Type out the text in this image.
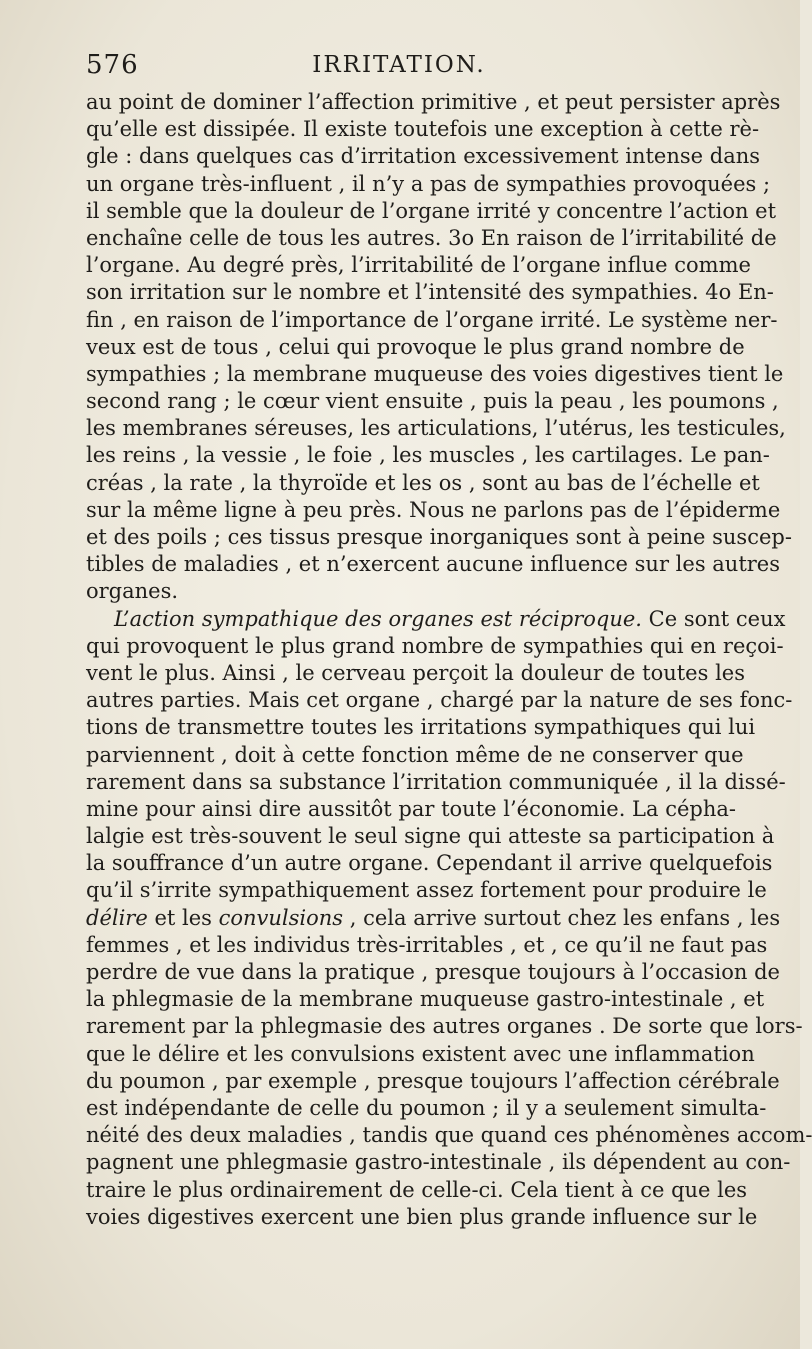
576	IRRITATION.
au point de dominer l’affection primitive , et peut persister après
qu’elle est dissipée. Il existe toutefois une exception à cette rè-
gle : dans quelques cas d’irritation excessivement intense dans
un organe très-influent , il n’y a pas de sympathies provoquées ;
il semble que la douleur de l’organe irrité y concentre l’action et
enchaîne celle de tous les autres. 3o En raison de l’irritabilité de
l’organe. Au degré près, l’irritabilité de l’organe influe comme
son irritation sur le nombre et l’intensité des sympathies. 4o En-
fin , en raison de l’importance de l’organe irrité. Le système ner-
veux est de tous , celui qui provoque le plus grand nombre de
sympathies ; la membrane muqueuse des voies digestives tient le
second rang ; le cœur vient ensuite , puis la peau , les poumons ,
les membranes séreuses, les articulations, l’utérus, les testicules,
les reins , la vessie , le foie , les muscles , les cartilages. Le pan-
créas , la rate , la thyroïde et les os , sont au bas de l’échelle et
sur la même ligne à peu près. Nous ne parlons pas de l’épiderme
et des poils ; ces tissus presque inorganiques sont à peine suscep-
tibles de maladies , et n’exercent aucune influence sur les autres
organes.
L’action sympathique des organes est réciproque. Ce sont ceux
qui provoquent le plus grand nombre de sympathies qui en reçoi-
vent le plus. Ainsi , le cerveau perçoit la douleur de toutes les
autres parties. Mais cet organe , chargé par la nature de ses fonc-
tions de transmettre toutes les irritations sympathiques qui lui
parviennent , doit à cette fonction même de ne conserver que
rarement dans sa substance l’irritation communiquée , il la dissé-
mine pour ainsi dire aussitôt par toute l’économie. La cépha-
lalgie est très-souvent le seul signe qui atteste sa participation à
la souffrance d’un autre organe. Cependant il arrive quelquefois
qu’il s’irrite sympathiquement assez fortement pour produire le
délire et les convulsions , cela arrive surtout chez les enfans , les
femmes , et les individus très-irritables , et , ce qu’il ne faut pas
perdre de vue dans la pratique , presque toujours à l’occasion de
la phlegmasie de la membrane muqueuse gastro-intestinale , et
rarement par la phlegmasie des autres organes . De sorte que lors-
que le délire et les convulsions existent avec une inflammation
du poumon , par exemple , presque toujours l’affection cérébrale
est indépendante de celle du poumon ; il y a seulement simulta-
néité des deux maladies , tandis que quand ces phénomènes accom-
pagnent une phlegmasie gastro-intestinale , ils dépendent au con-
traire le plus ordinairement de celle-ci. Cela tient à ce que les
voies digestives exercent une bien plus grande influence sur le
